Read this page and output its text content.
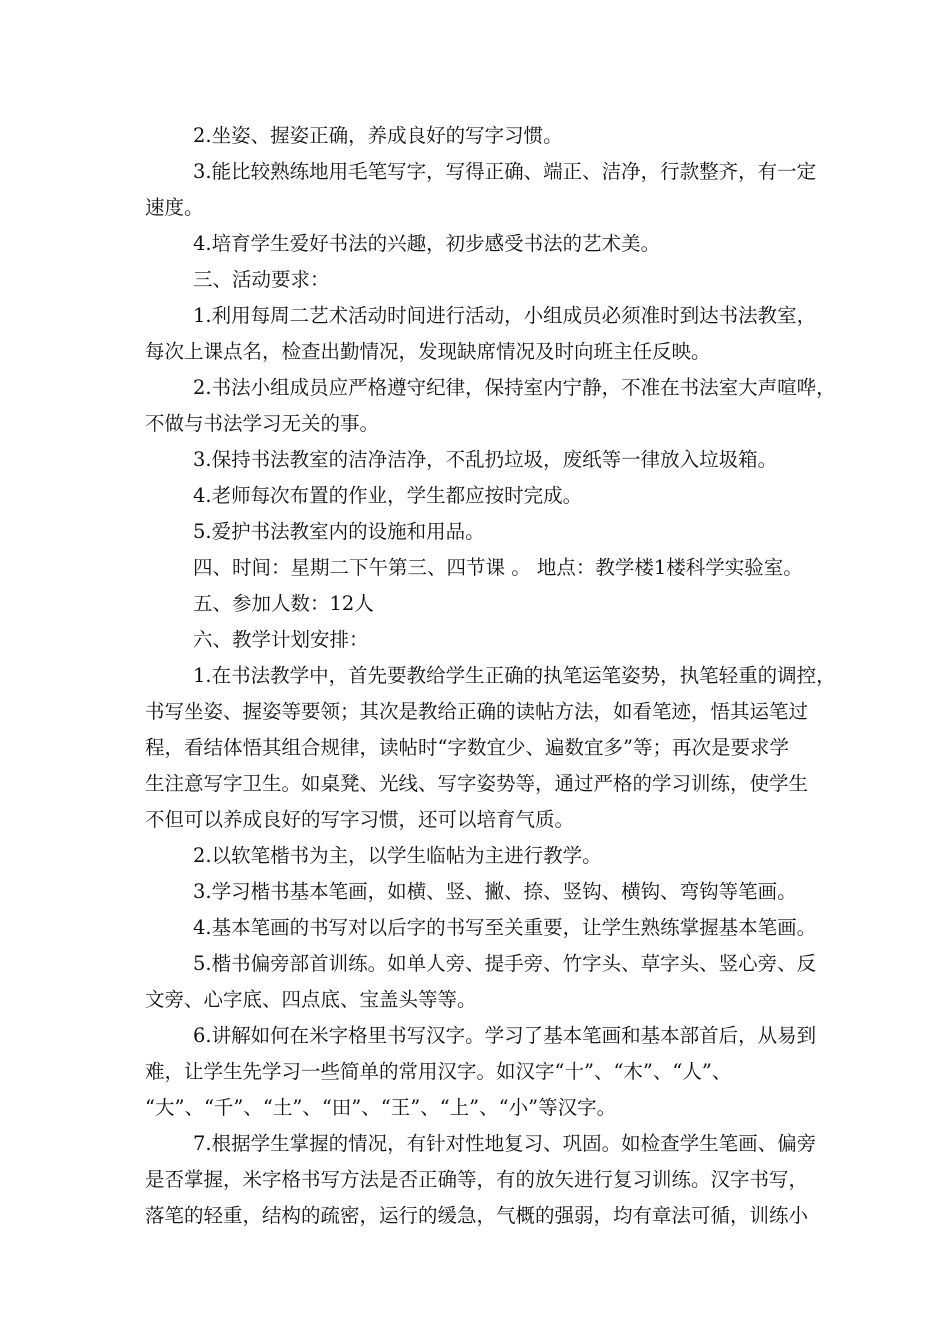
2.坐姿、握姿正确，养成良好的写字习惯。

3.能比较熟练地用毛笔写字，写得正确、端正、洁净，行款整齐，有一定
速度。

4.培育学生爱好书法的兴趣，初步感受书法的艺术美。

三、活动要求：

1.利用每周二艺术活动时间进行活动，小组成员必须准时到达书法教室，
每次上课点名，检查出勤情况，发现缺席情况及时向班主任反映。

2.书法小组成员应严格遵守纪律，保持室内宁静，不准在书法室大声喧哗，
不做与书法学习无关的事。

3.保持书法教室的洁净洁净，不乱扔垃圾，废纸等一律放入垃圾箱。

4.老师每次布置的作业，学生都应按时完成。

5.爱护书法教室内的设施和用品。

四、时间：星期二下午第三、四节课 。 地点：教学楼1楼科学实验室。

五、参加人数：12人

六、教学计划安排：

1.在书法教学中，首先要教给学生正确的执笔运笔姿势，执笔轻重的调控，
书写坐姿、握姿等要领；其次是教给正确的读帖方法，如看笔迹，悟其运笔过
程，看结体悟其组合规律，读帖时“字数宜少、遍数宜多”等；再次是要求学
生注意写字卫生。如桌凳、光线、写字姿势等，通过严格的学习训练，使学生
不但可以养成良好的写字习惯，还可以培育气质。

2.以软笔楷书为主，以学生临帖为主进行教学。

3.学习楷书基本笔画，如横、竖、撇、捺、竖钩、横钩、弯钩等笔画。

4.基本笔画的书写对以后字的书写至关重要，让学生熟练掌握基本笔画。

5.楷书偏旁部首训练。如单人旁、提手旁、竹字头、草字头、竖心旁、反
文旁、心字底、四点底、宝盖头等等。

6.讲解如何在米字格里书写汉字。学习了基本笔画和基本部首后，从易到
难，让学生先学习一些简单的常用汉字。如汉字“十”、“木”、“人”、
“大”、“千”、“土”、“田”、“王”、“上”、“小”等汉字。

7.根据学生掌握的情况，有针对性地复习、巩固。如检查学生笔画、偏旁
是否掌握，米字格书写方法是否正确等，有的放矢进行复习训练。汉字书写，
落笔的轻重，结构的疏密，运行的缓急，气概的强弱，均有章法可循，训练小
